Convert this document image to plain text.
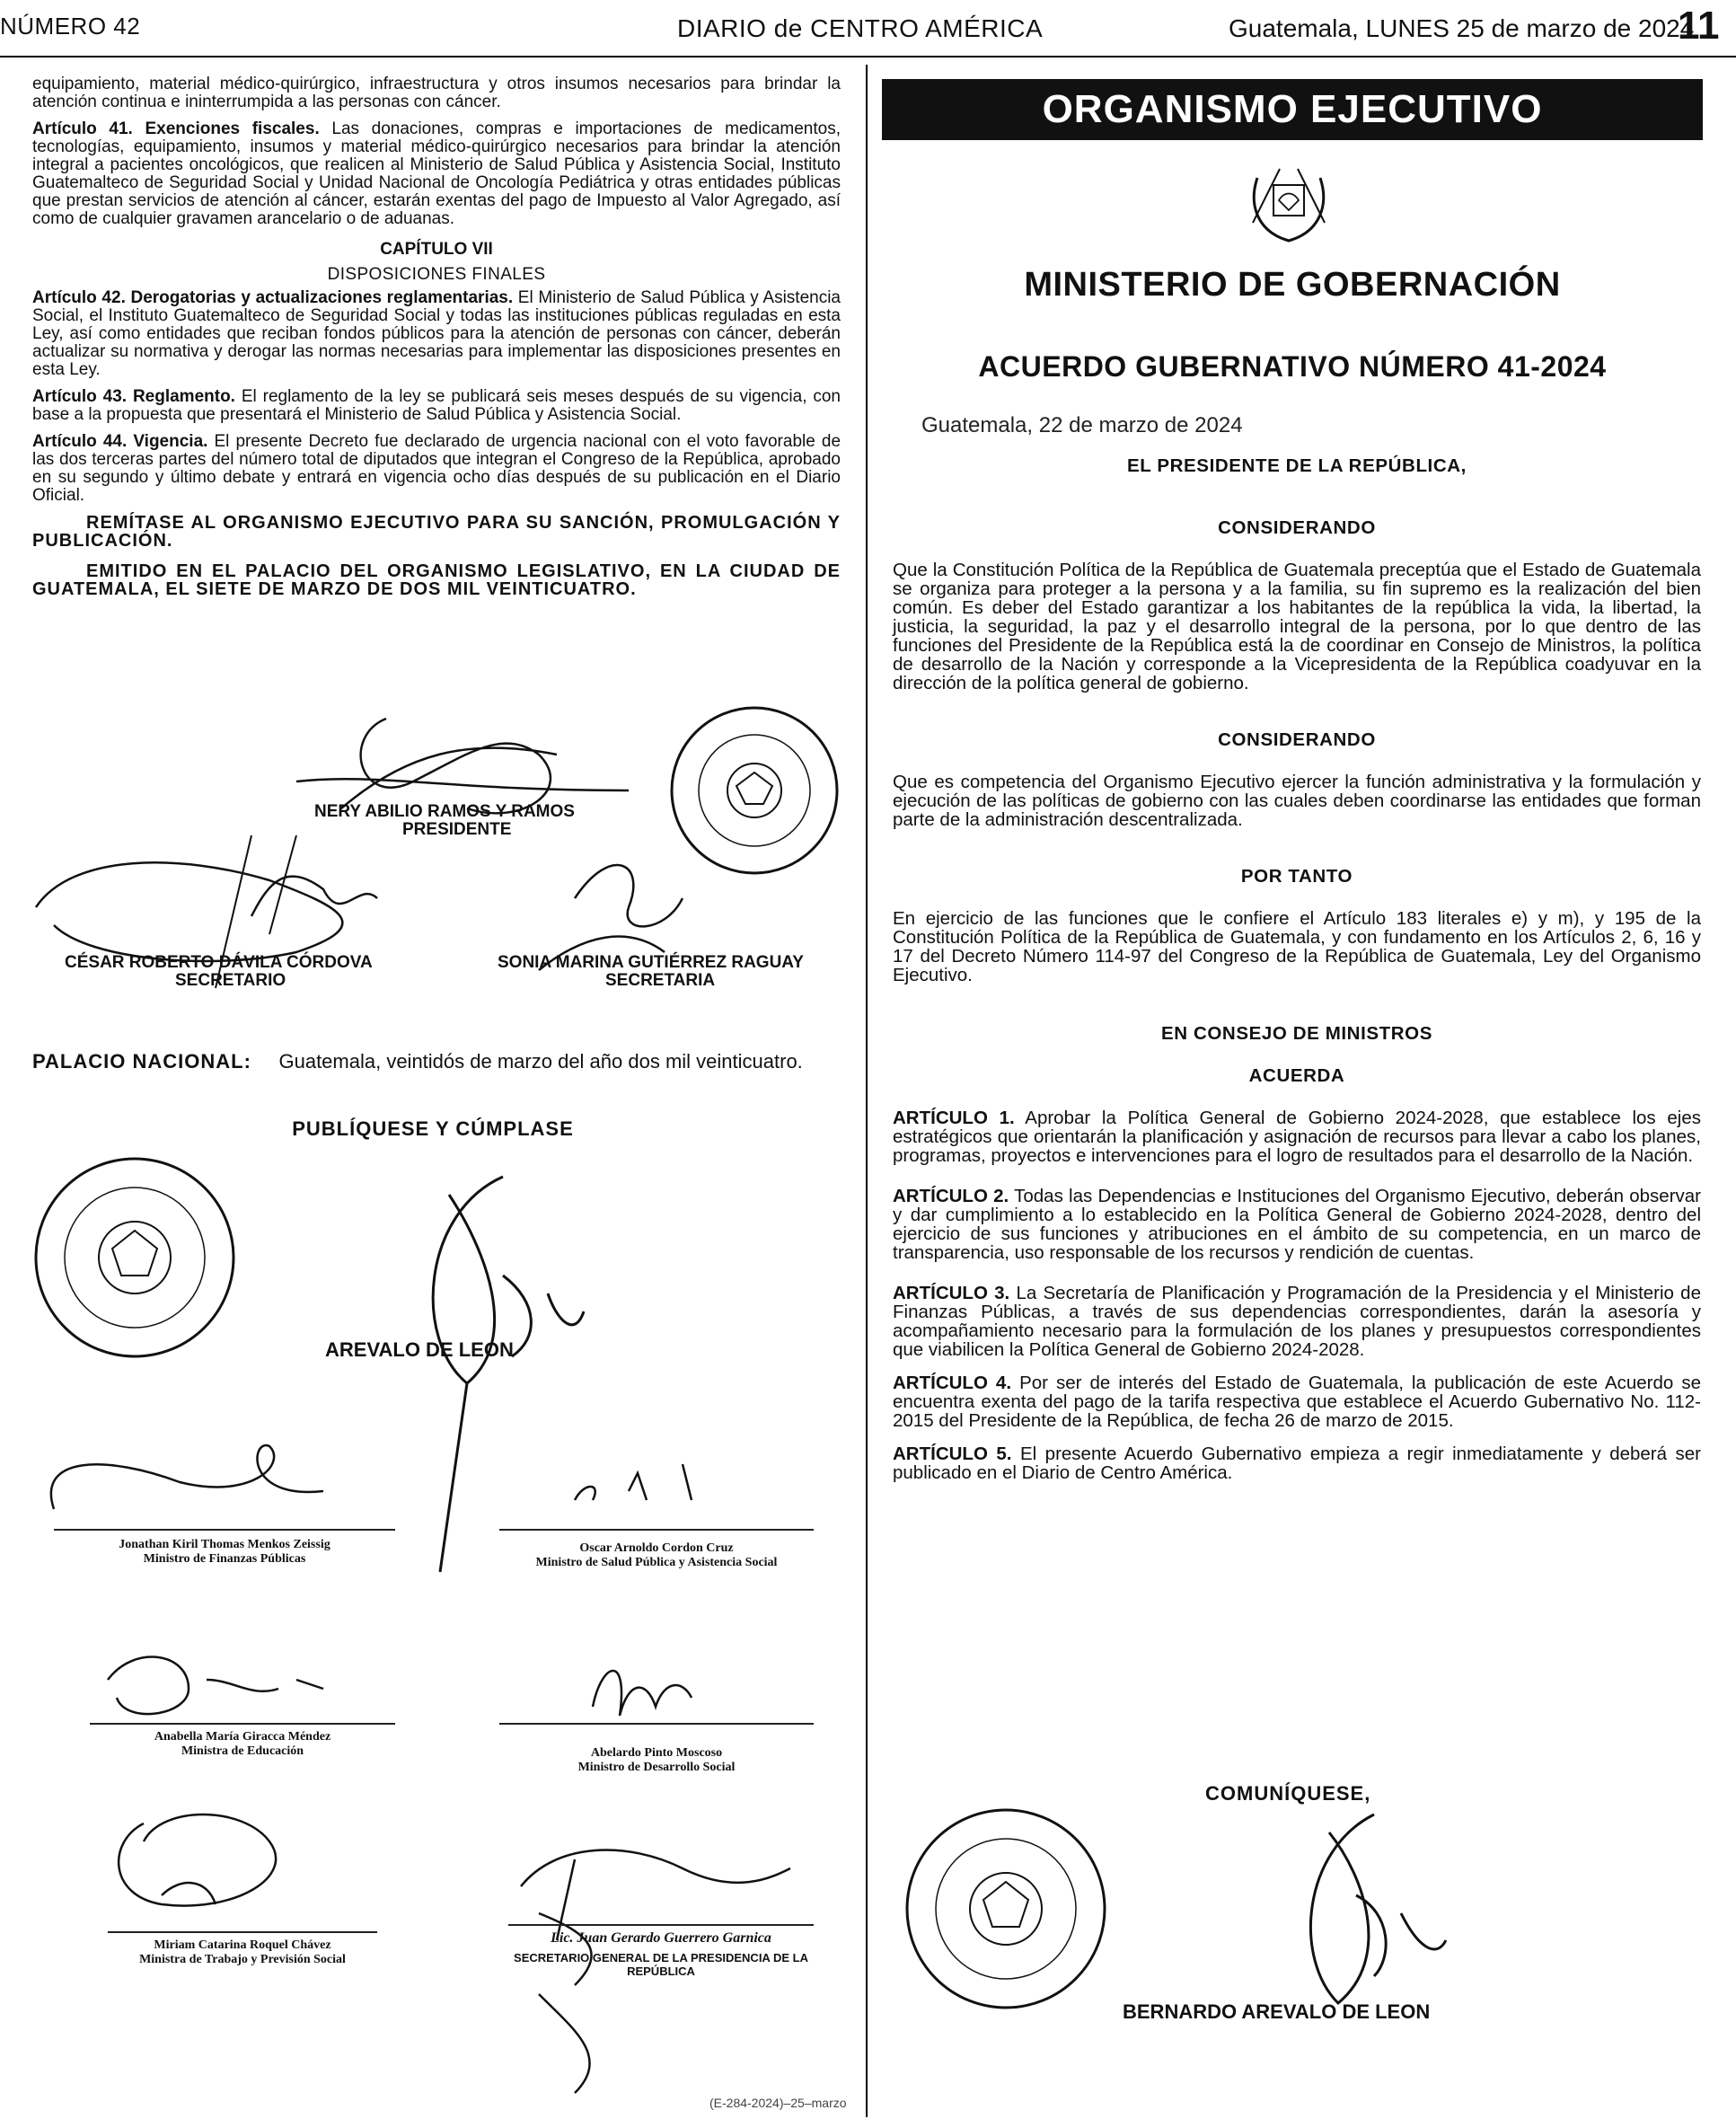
NÚMERO 42	DIARIO de CENTRO AMÉRICA	Guatemala, LUNES 25 de marzo de 2024
11

equipamiento, material médico-quirúrgico, infraestructura y otros insumos necesarios para brindar la atención continua e ininterrumpida a las personas con cáncer.

Artículo 41. Exenciones fiscales. Las donaciones, compras e importaciones de medicamentos, tecnologías, equipamiento, insumos y material médico-quirúrgico necesarios para brindar la atención integral a pacientes oncológicos, que realicen al Ministerio de Salud Pública y Asistencia Social, Instituto Guatemalteco de Seguridad Social y Unidad Nacional de Oncología Pediátrica y otras entidades públicas que prestan servicios de atención al cáncer, estarán exentas del pago de Impuesto al Valor Agregado, así como de cualquier gravamen arancelario o de aduanas.

CAPÍTULO VII
DISPOSICIONES FINALES

Artículo 42. Derogatorias y actualizaciones reglamentarias. El Ministerio de Salud Pública y Asistencia Social, el Instituto Guatemalteco de Seguridad Social y todas las instituciones públicas reguladas en esta Ley, así como entidades que reciban fondos públicos para la atención de personas con cáncer, deberán actualizar su normativa y derogar las normas necesarias para implementar las disposiciones presentes en esta Ley.

Artículo 43. Reglamento. El reglamento de la ley se publicará seis meses después de su vigencia, con base a la propuesta que presentará el Ministerio de Salud Pública y Asistencia Social.

Artículo 44. Vigencia. El presente Decreto fue declarado de urgencia nacional con el voto favorable de las dos terceras partes del número total de diputados que integran el Congreso de la República, aprobado en su segundo y último debate y entrará en vigencia ocho días después de su publicación en el Diario Oficial.

REMÍTASE AL ORGANISMO EJECUTIVO PARA SU SANCIÓN, PROMULGACIÓN Y PUBLICACIÓN.

EMITIDO EN EL PALACIO DEL ORGANISMO LEGISLATIVO, EN LA CIUDAD DE GUATEMALA, EL SIETE DE MARZO DE DOS MIL VEINTICUATRO.

NERY ABILIO RAMOS Y RAMOS
PRESIDENTE
CÉSAR ROBERTO DÁVILA CÓRDOVA
SECRETARIO
SONIA MARINA GUTIÉRREZ RAGUAY
SECRETARIA
PALACIO NACIONAL: Guatemala, veintidós de marzo del año dos mil veinticuatro.
PUBLÍQUESE Y CÚMPLASE
AREVALO DE LEON
Jonathan Kiril Thomas Menkos Zeissig
Ministro de Finanzas Públicas
Oscar Arnoldo Cordon Cruz
Ministro de Salud Pública y Asistencia Social
Anabella María Giracca Méndez
Ministra de Educación	Abelardo Pinto Moscoso
Ministro de Desarrollo Social
Miriam Catarina Roquel Chávez
Ministra de Trabajo y Previsión Social
Lic. Juan Gerardo Guerrero Garnica
SECRETARIO GENERAL DE LA PRESIDENCIA DE LA REPÚBLICA
(E-284-2024)–25–marzo
ORGANISMO EJECUTIVO
MINISTERIO DE GOBERNACIÓN
ACUERDO GUBERNATIVO NÚMERO 41-2024
Guatemala, 22 de marzo de 2024

EL PRESIDENTE DE LA REPÚBLICA,

CONSIDERANDO

Que la Constitución Política de la República de Guatemala preceptúa que el Estado de Guatemala se organiza para proteger a la persona y a la familia, su fin supremo es la realización del bien común. Es deber del Estado garantizar a los habitantes de la república la vida, la libertad, la justicia, la seguridad, la paz y el desarrollo integral de la persona, por lo que dentro de las funciones del Presidente de la República está la de coordinar en Consejo de Ministros, la política de desarrollo de la Nación y corresponde a la Vicepresidenta de la República coadyuvar en la dirección de la política general de gobierno.

CONSIDERANDO

Que es competencia del Organismo Ejecutivo ejercer la función administrativa y la formulación y ejecución de las políticas de gobierno con las cuales deben coordinarse las entidades que forman parte de la administración descentralizada.

POR TANTO

En ejercicio de las funciones que le confiere el Artículo 183 literales e) y m), y 195 de la Constitución Política de la República de Guatemala, y con fundamento en los Artículos 2, 6, 16 y 17 del Decreto Número 114-97 del Congreso de la República de Guatemala, Ley del Organismo Ejecutivo.

EN CONSEJO DE MINISTROS

ACUERDA

ARTÍCULO 1. Aprobar la Política General de Gobierno 2024-2028, que establece los ejes estratégicos que orientarán la planificación y asignación de recursos para llevar a cabo los planes, programas, proyectos e intervenciones para el logro de resultados para el desarrollo de la Nación.

ARTÍCULO 2. Todas las Dependencias e Instituciones del Organismo Ejecutivo, deberán observar y dar cumplimiento a lo establecido en la Política General de Gobierno 2024-2028, dentro del ejercicio de sus funciones y atribuciones en el ámbito de su competencia, en un marco de transparencia, uso responsable de los recursos y rendición de cuentas.

ARTÍCULO 3. La Secretaría de Planificación y Programación de la Presidencia y el Ministerio de Finanzas Públicas, a través de sus dependencias correspondientes, darán la asesoría y acompañamiento necesario para la formulación de los planes y presupuestos correspondientes que viabilicen la Política General de Gobierno 2024-2028.

ARTÍCULO 4. Por ser de interés del Estado de Guatemala, la publicación de este Acuerdo se encuentra exenta del pago de la tarifa respectiva que establece el Acuerdo Gubernativo No. 112-2015 del Presidente de la República, de fecha 26 de marzo de 2015.

ARTÍCULO 5. El presente Acuerdo Gubernativo empieza a regir inmediatamente y deberá ser publicado en el Diario de Centro América.

COMUNÍQUESE,
BERNARDO AREVALO DE LEON
